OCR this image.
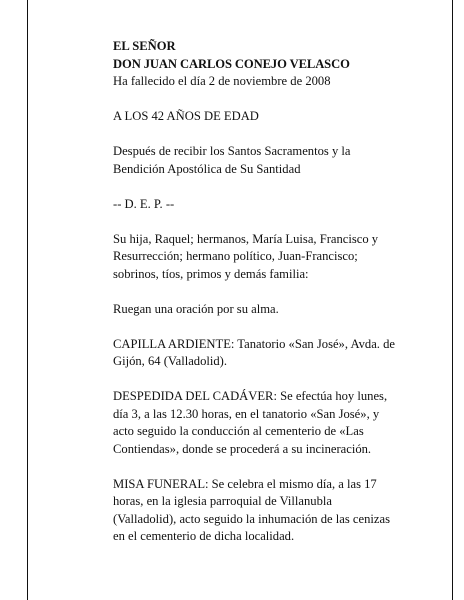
EL SEÑOR

DON JUAN CARLOS CONEJO VELASCO

Ha fallecido el día 2 de noviembre de 2008

A LOS 42 AÑOS DE EDAD

Después de recibir los Santos Sacramentos y la

Bendición Apostólica de Su Santidad

-- D. E. P. --

Su hija, Raquel; hermanos, María Luisa, Francisco y

Resurrección; hermano político, Juan-Francisco;

sobrinos, tíos, primos y demás familia:

Ruegan una oración por su alma.

CAPILLA ARDIENTE: Tanatorio «San José», Avda. de

Gijón, 64 (Valladolid).

DESPEDIDA DEL CADÁVER: Se efectúa hoy lunes,

día 3, a las 12.30 horas, en el tanatorio «San José», y

acto seguido la conducción al cementerio de «Las

Contiendas», donde se procederá a su incineración.

MISA FUNERAL: Se celebra el mismo día, a las 17

horas, en la iglesia parroquial de Villanubla

(Valladolid), acto seguido la inhumación de las cenizas

en el cementerio de dicha localidad.
